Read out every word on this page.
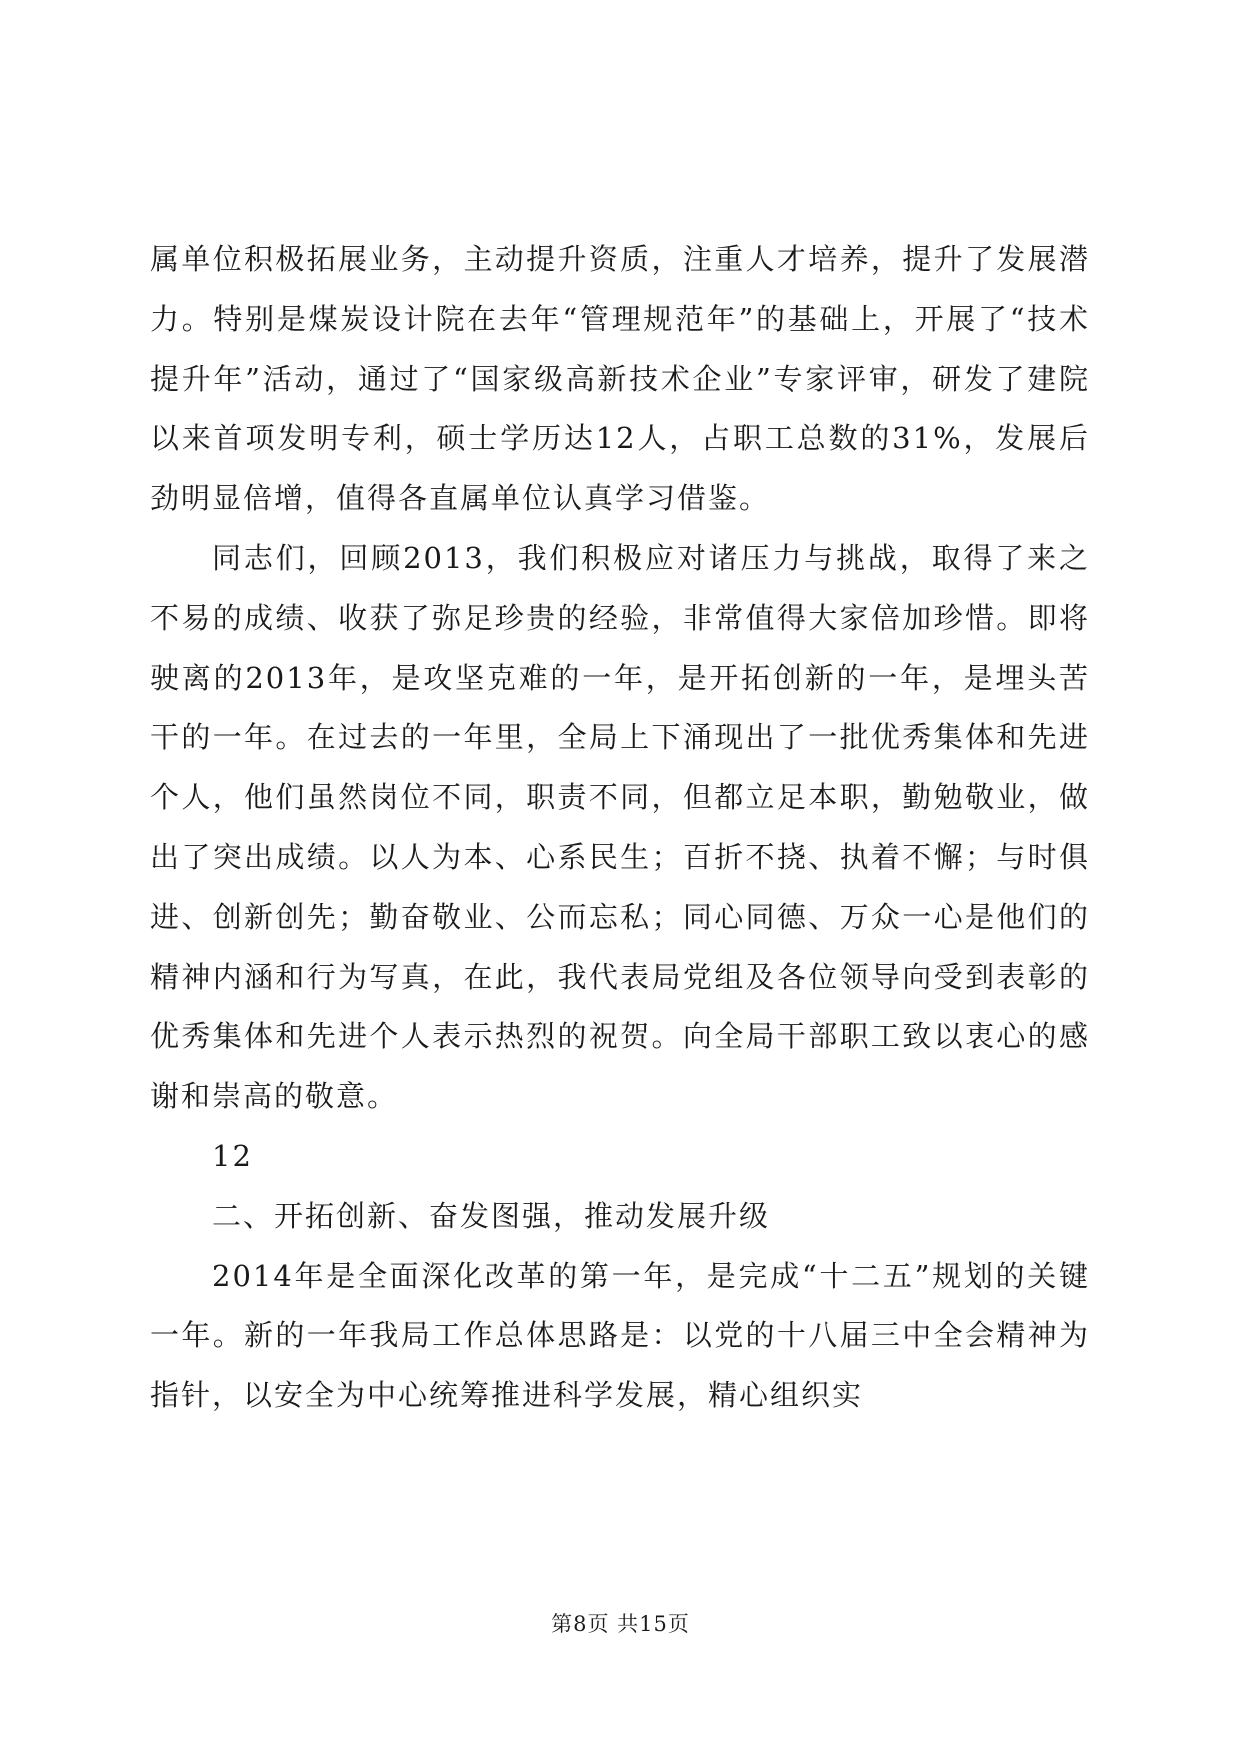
属单位积极拓展业务，主动提升资质，注重人才培养，提升了发展潜力。特别是煤炭设计院在去年“管理规范年”的基础上，开展了“技术提升年”活动，通过了“国家级高新技术企业”专家评审，研发了建院以来首项发明专利，硕士学历达12人，占职工总数的31%，发展后劲明显倍增，值得各直属单位认真学习借鉴。

同志们，回顾2013，我们积极应对诸压力与挑战，取得了来之不易的成绩、收获了弥足珍贵的经验，非常值得大家倍加珍惜。即将驶离的2013年，是攻坚克难的一年，是开拓创新的一年，是埋头苦干的一年。在过去的一年里，全局上下涌现出了一批优秀集体和先进个人，他们虽然岗位不同，职责不同，但都立足本职，勤勉敬业，做出了突出成绩。以人为本、心系民生；百折不挠、执着不懈；与时俱进、创新创先；勤奋敬业、公而忘私；同心同德、万众一心是他们的精神内涵和行为写真，在此，我代表局党组及各位领导向受到表彰的优秀集体和先进个人表示热烈的祝贺。向全局干部职工致以衷心的感谢和崇高的敬意。

12

二、开拓创新、奋发图强，推动发展升级

2014年是全面深化改革的第一年，是完成“十二五”规划的关键一年。新的一年我局工作总体思路是：以党的十八届三中全会精神为指针，以安全为中心统筹推进科学发展，精心组织实

第8页 共15页
